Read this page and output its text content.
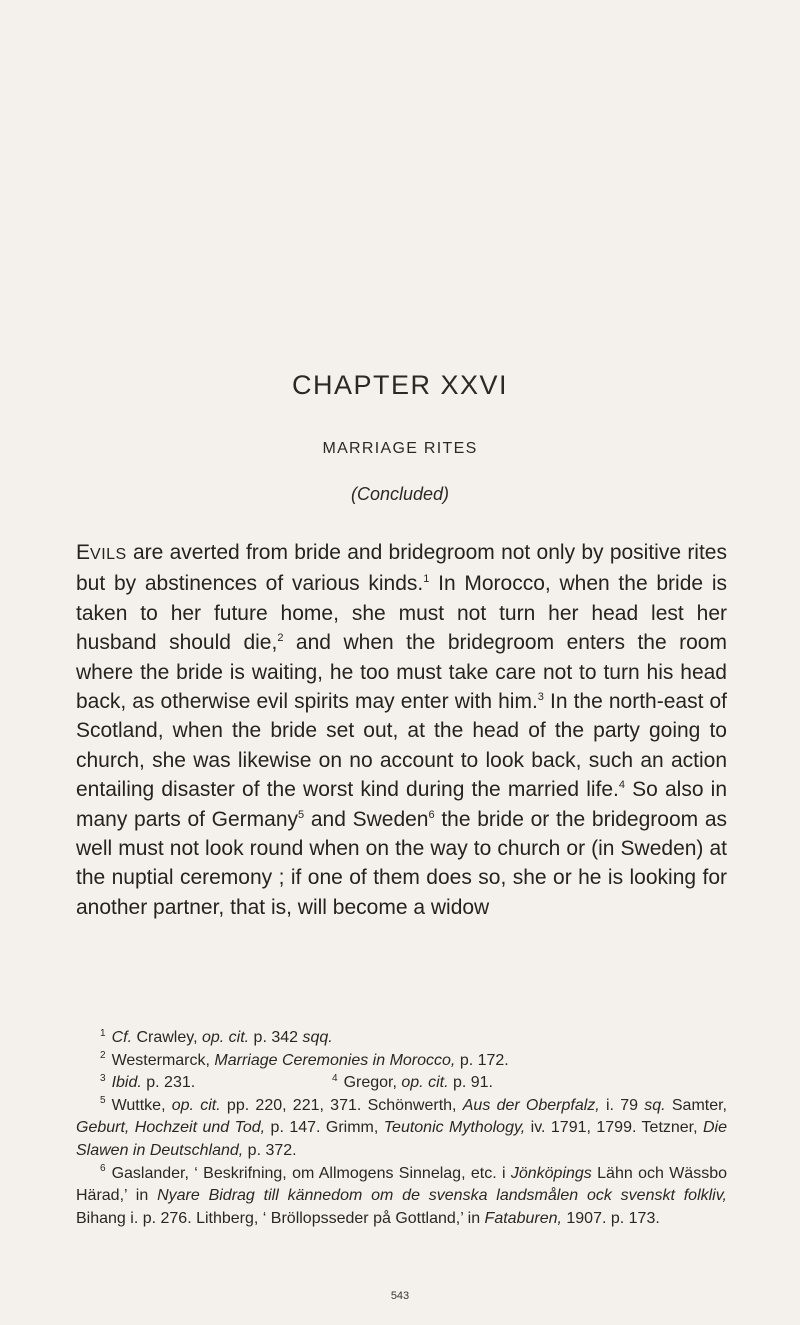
CHAPTER XXVI
MARRIAGE RITES
(Concluded)

EVILS are averted from bride and bridegroom not only by positive rites but by abstinences of various kinds.$^1$ In Morocco, when the bride is taken to her future home, she must not turn her head lest her husband should die,$^2$ and when the bridegroom enters the room where the bride is waiting, he too must take care not to turn his head back, as otherwise evil spirits may enter with him.$^3$ In the north-east of Scotland, when the bride set out, at the head of the party going to church, she was likewise on no account to look back, such an action entailing disaster of the worst kind during the married life.$^4$ So also in many parts of Germany$^5$ and Sweden$^6$ the bride or the bridegroom as well must not look round when on the way to church or (in Sweden) at the nuptial ceremony ; if one of them does so, she or he is looking for another partner, that is, will become a widow

$^1$ Cf. Crawley, op. cit. p. 342 sqq.

$^2$ Westermarck, Marriage Ceremonies in Morocco, p. 172.

$^3$ Ibid. p. 231.	$^4$ Gregor, op. cit. p. 91.

$^5$ Wuttke, op. cit. pp. 220, 221, 371. Schönwerth, Aus der Oberpfalz, i. 79 sq. Samter, Geburt, Hochzeit und Tod, p. 147. Grimm, Teutonic Mythology, iv. 1791, 1799. Tetzner, Die Slawen in Deutschland, p. 372.

$^6$ Gaslander, ‘ Beskrifning, om Allmogens Sinnelag, etc. i Jönköpings Lähn och Wässbo Härad,’ in Nyare Bidrag till kännedom om de svenska landsmålen ock svenskt folkliv, Bihang i. p. 276. Lithberg, ‘ Bröllopsseder på Gottland,’ in Fataburen, 1907. p. 173.

543
